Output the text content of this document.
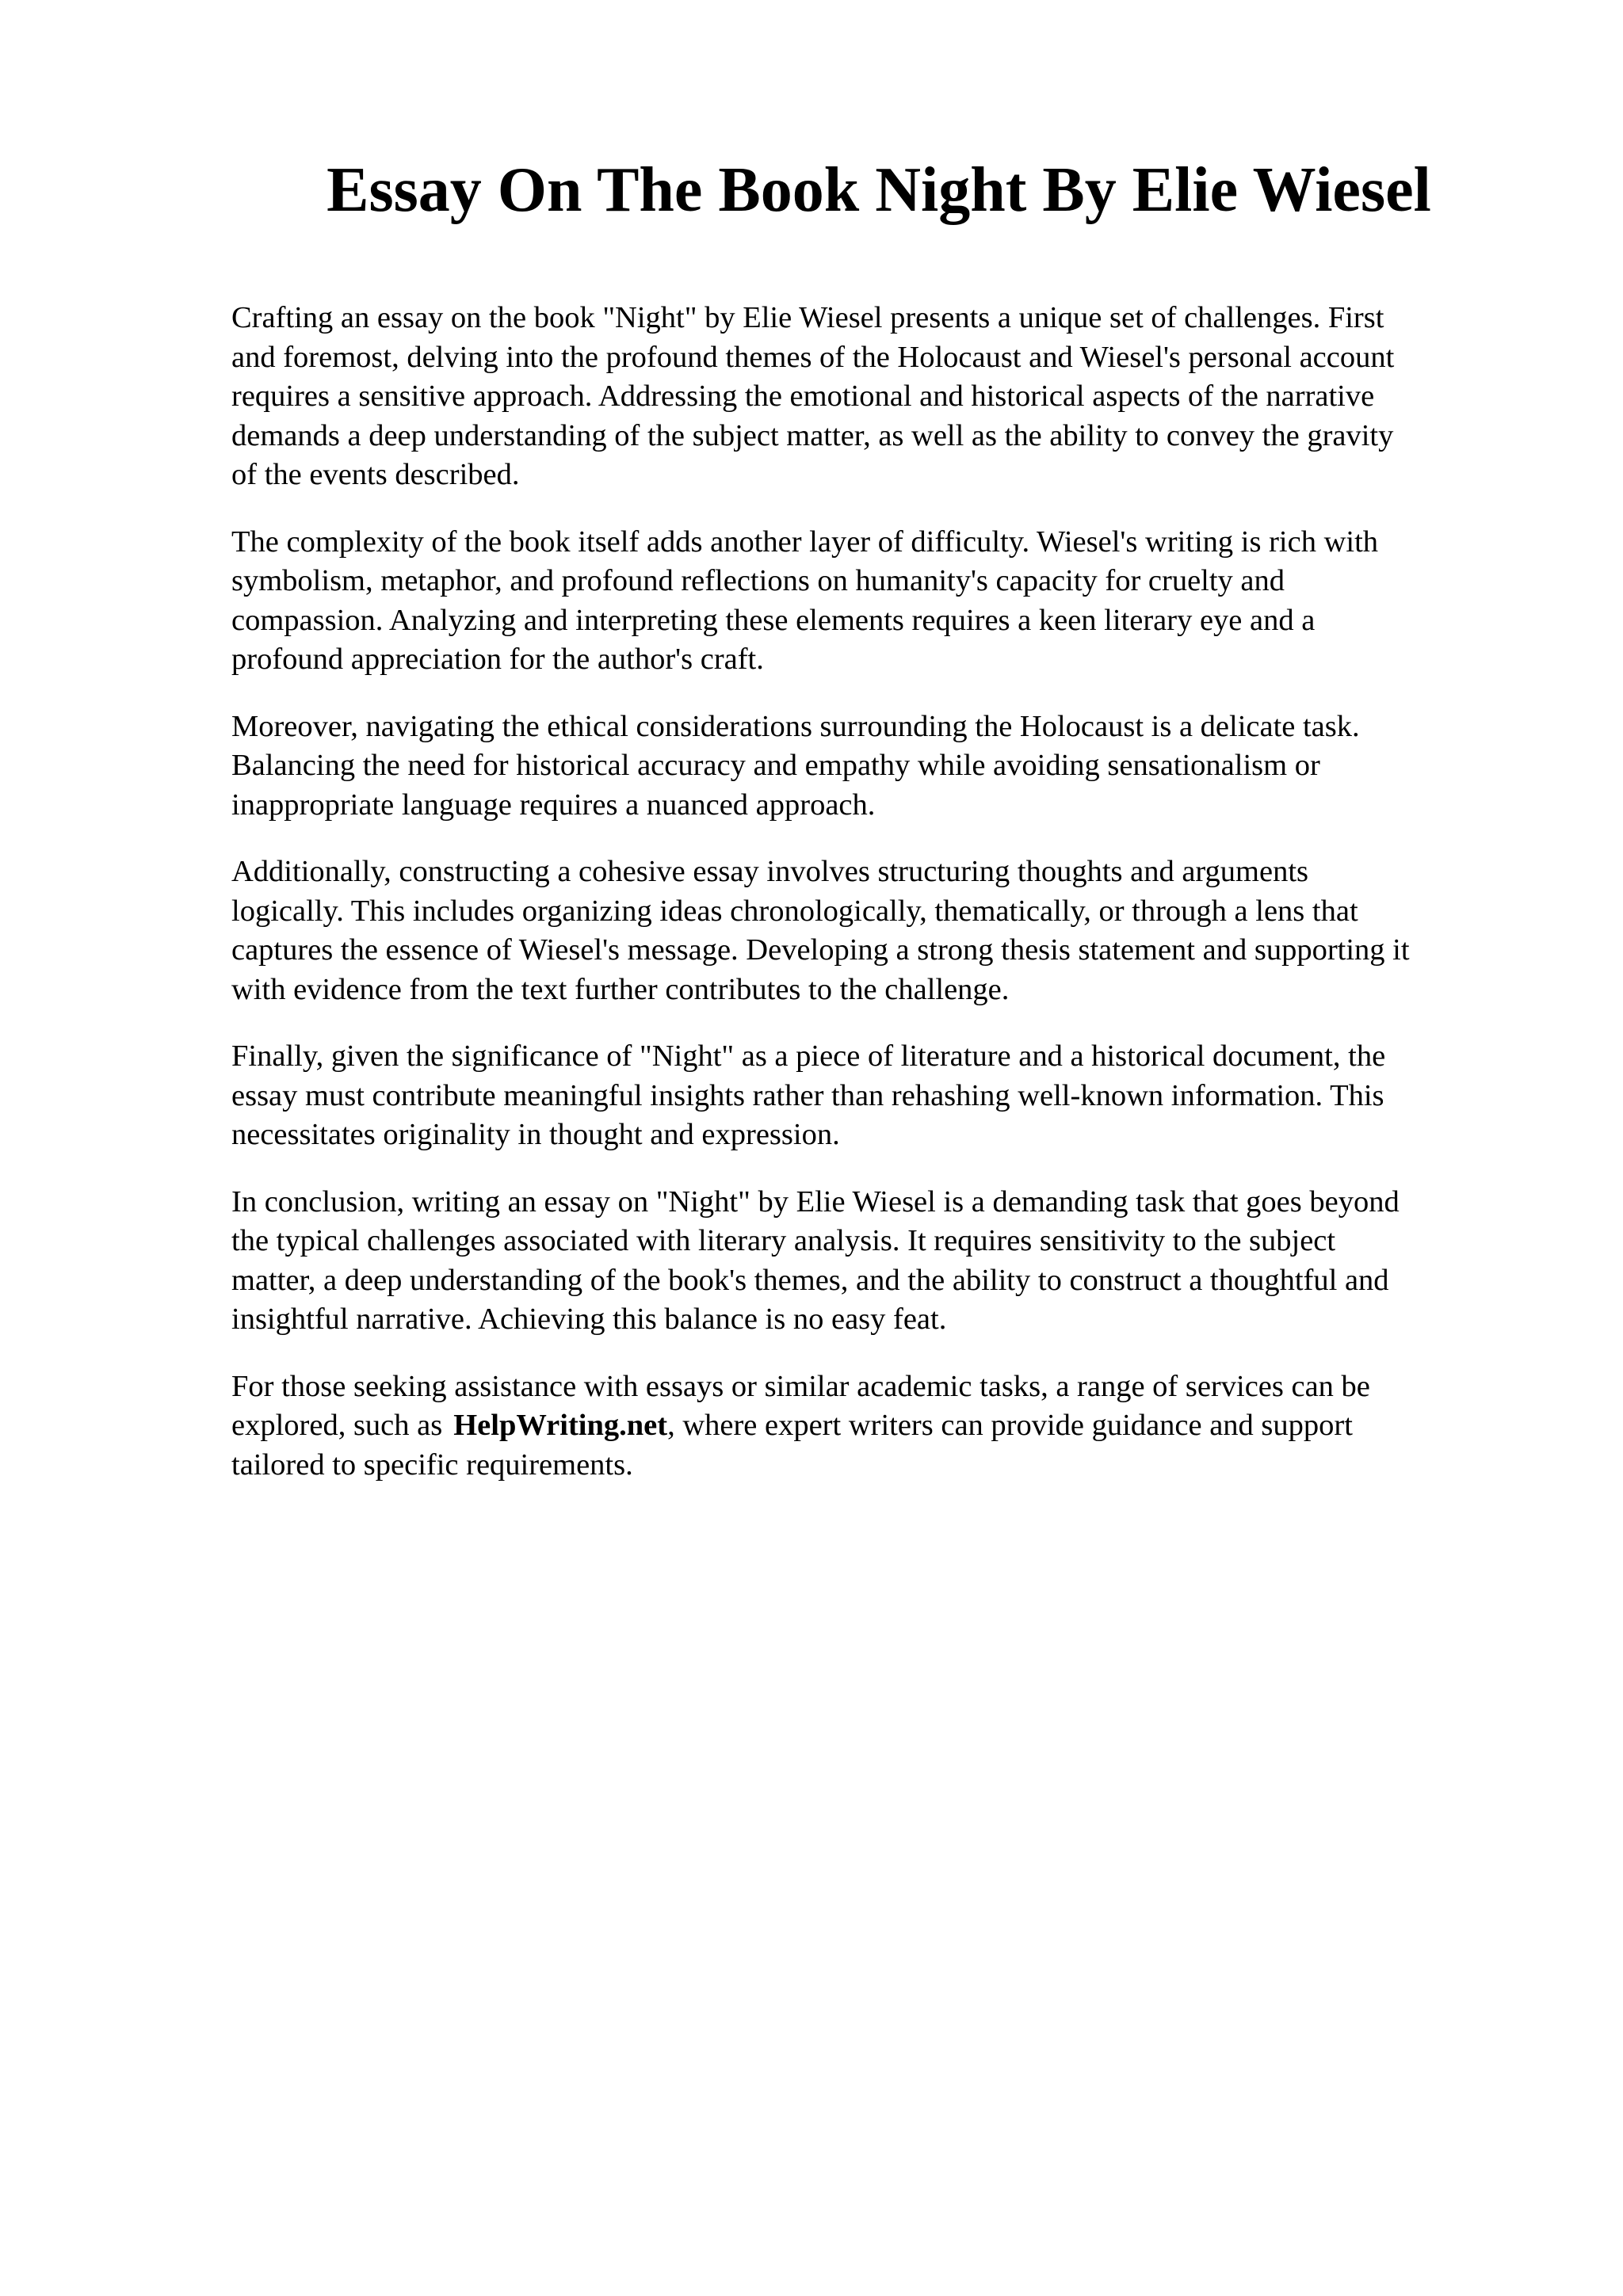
Essay On The Book Night By Elie Wiesel

Crafting an essay on the book "Night" by Elie Wiesel presents a unique set of challenges. First
and foremost, delving into the profound themes of the Holocaust and Wiesel's personal account
requires a sensitive approach. Addressing the emotional and historical aspects of the narrative
demands a deep understanding of the subject matter, as well as the ability to convey the gravity
of the events described.

The complexity of the book itself adds another layer of difficulty. Wiesel's writing is rich with
symbolism, metaphor, and profound reflections on humanity's capacity for cruelty and
compassion. Analyzing and interpreting these elements requires a keen literary eye and a
profound appreciation for the author's craft.

Moreover, navigating the ethical considerations surrounding the Holocaust is a delicate task.
Balancing the need for historical accuracy and empathy while avoiding sensationalism or
inappropriate language requires a nuanced approach.

Additionally, constructing a cohesive essay involves structuring thoughts and arguments
logically. This includes organizing ideas chronologically, thematically, or through a lens that
captures the essence of Wiesel's message. Developing a strong thesis statement and supporting it
with evidence from the text further contributes to the challenge.

Finally, given the significance of "Night" as a piece of literature and a historical document, the
essay must contribute meaningful insights rather than rehashing well-known information. This
necessitates originality in thought and expression.

In conclusion, writing an essay on "Night" by Elie Wiesel is a demanding task that goes beyond
the typical challenges associated with literary analysis. It requires sensitivity to the subject
matter, a deep understanding of the book's themes, and the ability to construct a thoughtful and
insightful narrative. Achieving this balance is no easy feat.

For those seeking assistance with essays or similar academic tasks, a range of services can be
explored, such as HelpWriting.net, where expert writers can provide guidance and support
tailored to specific requirements.
